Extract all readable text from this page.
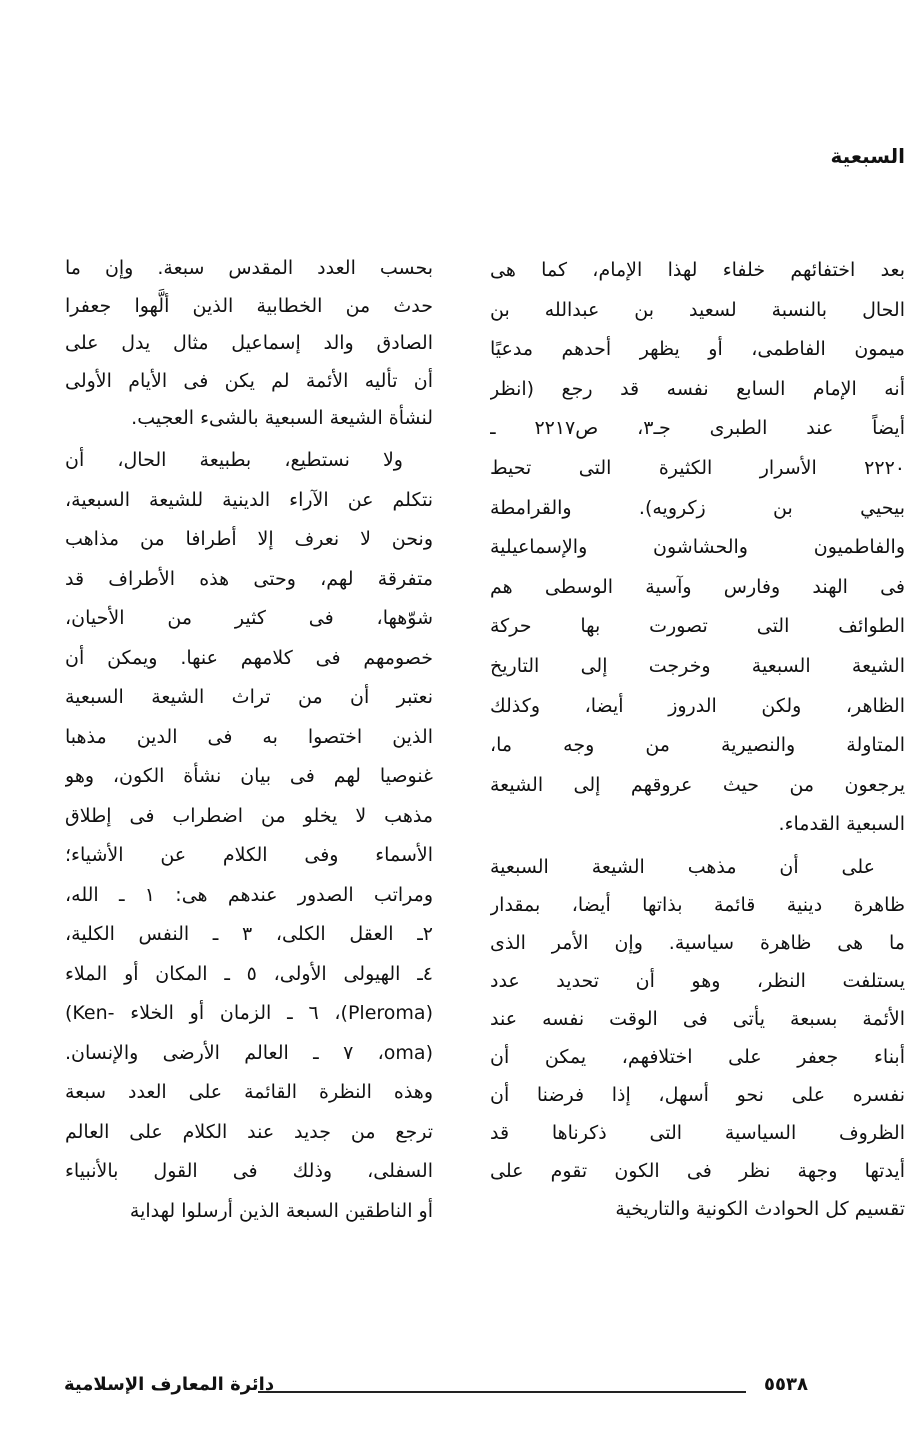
السبعية
بعد اختفائهم خلفاء لهذا الإمام، كما هى
الحال بالنسبة لسعيد بن عبدالله بن
ميمون الفاطمى، أو يظهر أحدهم مدعيًا
أنه الإمام السابع نفسه قد رجع (انظر
أيضاً عند الطبرى جـ٣، ص٢٢١٧ ـ
٢٢٢٠ الأسرار الكثيرة التى تحيط
بيحيي بن زكرويه). والقرامطة
والفاطميون والحشاشون والإسماعيلية
فى الهند وفارس وآسية الوسطى هم
الطوائف التى تصورت بها حركة
الشيعة السبعية وخرجت إلى التاريخ
الظاهر، ولكن الدروز أيضا، وكذلك
المتاولة والنصيرية من وجه ما،
يرجعون من حيث عروقهم إلى الشيعة
السبعية القدماء.
على أن مذهب الشيعة السبعية
ظاهرة دينية قائمة بذاتها أيضا، بمقدار
ما هى ظاهرة سياسية. وإن الأمر الذى
يستلفت النظر، وهو أن تحديد عدد
الأئمة بسبعة يأتى فى الوقت نفسه عند
أبناء جعفر على اختلافهم، يمكن أن
نفسره على نحو أسهل، إذا فرضنا أن
الظروف السياسية التى ذكرناها قد
أيدتها وجهة نظر فى الكون تقوم على
تقسيم كل الحوادث الكونية والتاريخية
بحسب العدد المقدس سبعة. وإن ما
حدث من الخطابية الذين ألَّهوا جعفرا
الصادق والد إسماعيل مثال يدل على
أن تأليه الأئمة لم يكن فى الأيام الأولى
لنشأة الشيعة السبعية بالشىء العجيب.
ولا نستطيع، بطبيعة الحال، أن
نتكلم عن الآراء الدينية للشيعة السبعية،
ونحن لا نعرف إلا أطرافا من مذاهب
متفرقة لهم، وحتى هذه الأطراف قد
شوّهها، فى كثير من الأحيان،
خصومهم فى كلامهم عنها. ويمكن أن
نعتبر أن من تراث الشيعة السبعية
الذين اختصوا به فى الدين مذهبا
غنوصيا لهم فى بيان نشأة الكون، وهو
مذهب لا يخلو من اضطراب فى إطلاق
الأسماء وفى الكلام عن الأشياء؛
ومراتب الصدور عندهم هى: ١ ـ الله،
٢ـ العقل الكلى، ٣ ـ النفس الكلية،
٤ـ الهيولى الأولى، ٥ ـ المكان أو الملاء
(Pleroma)، ٦ ـ الزمان أو الخلاء -Ken)
(oma، ٧ ـ العالم الأرضى والإنسان.
وهذه النظرة القائمة على العدد سبعة
ترجع من جديد عند الكلام على العالم
السفلى، وذلك فى القول بالأنبياء
أو الناطقين السبعة الذين أرسلوا لهداية
دائرة المعارف الإسلامية	٥٥٣٨
